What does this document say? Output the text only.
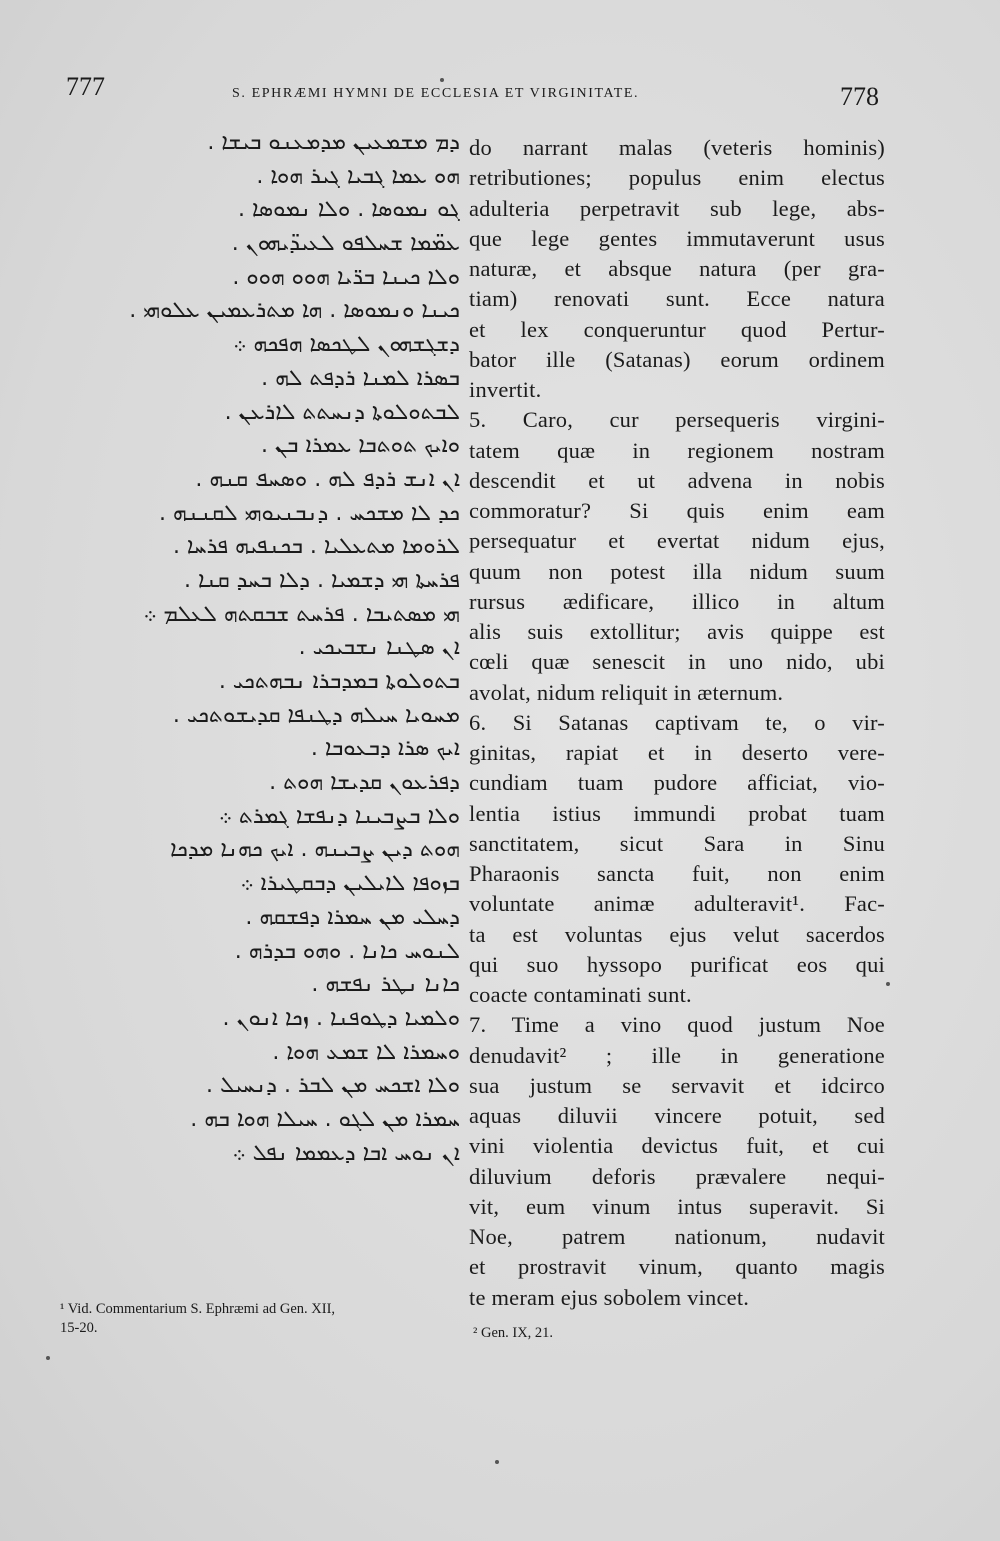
777	S. EPHRÆMI HYMNI DE ECCLESIA ET VIRGINITATE.	778
ܕܡ ܡܫܡܥܝܢ ܡܕܡܥܢܘ ܒܝܫܐ .
ܗܘ ܥܡܐ ܓܒܝܐ ܓܝܪ ܗܘܐ .
ܓܘ ܢܡܘܣܐ . ܘܠܐ ܢܡܘܣܐ .
ܥܡ̈ܡܐ ܫܚܠܦܘ ܠܥܝܕ̈ܝܗܘܢ .
ܘܠܐ ܟܝܢܐ ܒܪ̈ܝܐ ܗܘܘ ܗܘܘ .
ܟܝܢܐ ܘܢܡܘܣܐ . ܗܐ ܡܬܪܥܡܝܢ ܥܠܘܗܝ .
ܕܫܓܫܗܘܢ ܠܛܟܣܐ ܗܦܟܗ ܀
ܒܣܪܐ ܠܡܢܐ ܪܕܦܬ ܠܗ .
ܠܒܬܘܠܘܬܐ ܕܢܚܬܬ ܠܐܪܥܢ .
ܘܐܝܟ ܬܘܬܒܐ ܥܡܪܐ ܒܢ .
ܐܢ ܐܢܫ ܪܕܦ ܠܗ . ܘܣܚܦ ܩܢܗ .
ܟܕ ܠܐ ܡܫܟܚ . ܕܢܒܢܝܘܗܝ ܠܩܢܢܗ .
ܠܪܘܡܐ ܡܬܥܠܝܐ . ܒܟܢܦܝܗ ܦܪܚܐ .
ܦܪܚܬܐ ܗܝ ܕܫܡܝܐ . ܕܠܐ ܒܚܕ ܩܢܐ .
ܗܝ ܡܣܬܝܒܐ . ܦܪܚܬ ܫܒܩܬܗ ܠܥܠܡ ܀
ܐܢ ܣܛܢܐ ܢܫܒܝܟܝ .
ܒܬܘܠܘܬܐ ܒܡܕܒܪܐ ܢܒܗܬܟܝ .
ܡܚܘܝܐ ܚܝܠܗ ܕܛܢܦܐ ܩܕܝܫܘܬܟܝ .
ܐܝܟ ܣܪܐ ܕܒܥܘܒܐ .
ܕܦܪܥܘܢ ܩܕܝܫܐ ܗܘܬ .
ܘܠܐ ܒܨܒܝܢܐ ܕܢܦܫܐ ܓܡܪܬ ܀
ܗܘܬ ܕܝܢ ܨܒܝܢܗ . ܐܝܟ ܟܗܢܐ ܡܕܟܐ
ܒܙܘܦܐ ܠܐܝܠܝܢ ܕܒܩܛܝܪܐ ܀
ܕܚܠܝ ܡܢ ܚܡܪܐ ܕܦܫܩܗ .
ܠܢܘܚ ܟܐܢܐ . ܘܗܘ ܒܕܪܗ .
ܟܐܢܐ ܢܛܪ ܢܦܫܗ .
ܘܠܡܝܐ ܕܛܘܦܢܐ . ܙܟܐ ܐܢܘܢ .
ܘܚܡܪܐ ܠܐ ܫܡܥ ܗܘܐ .
ܘܠܐ ܐܫܟܚ ܡܢ ܠܒܪ . ܕܢܚܝܠ .
ܚܡܪܐ ܡܢ ܠܓܘ . ܚܝܠܐ ܗܘܐ ܒܗ .
ܐܢ ܢܘܚ ܐܒܐ ܕܥܡܡܐ ܢܦܠ ܀
do narrant malas (veteris hominis)
retributiones; populus enim electus
adulteria perpetravit sub lege, abs-
que lege gentes immutaverunt usus
naturæ, et absque natura (per gra-
tiam) renovati sunt. Ecce natura
et lex conqueruntur quod Pertur-
bator ille (Satanas) eorum ordinem
invertit.
5. Caro, cur persequeris virgini-
tatem quæ in regionem nostram
descendit et ut advena in nobis
commoratur? Si quis enim eam
persequatur et evertat nidum ejus,
quum non potest illa nidum suum
rursus ædificare, illico in altum
alis suis extollitur; avis quippe est
cœli quæ senescit in uno nido, ubi
avolat, nidum reliquit in æternum.
6. Si Satanas captivam te, o vir-
ginitas, rapiat et in deserto vere-
cundiam tuam pudore afficiat, vio-
lentia istius immundi probat tuam
sanctitatem, sicut Sara in Sinu
Pharaonis sancta fuit, non enim
voluntate animæ adulteravit¹. Fac-
ta est voluntas ejus velut sacerdos
qui suo hyssopo purificat eos qui
coacte contaminati sunt.
7. Time a vino quod justum Noe
denudavit² ; ille in generatione
sua justum se servavit et idcirco
aquas diluvii vincere potuit, sed
vini violentia devictus fuit, et cui
diluvium deforis prævalere nequi-
vit, eum vinum intus superavit. Si
Noe, patrem nationum, nudavit
et prostravit vinum, quanto magis
te meram ejus sobolem vincet.
¹ Vid. Commentarium S. Ephræmi ad Gen. XII,
15-20.	² Gen. IX, 21.
